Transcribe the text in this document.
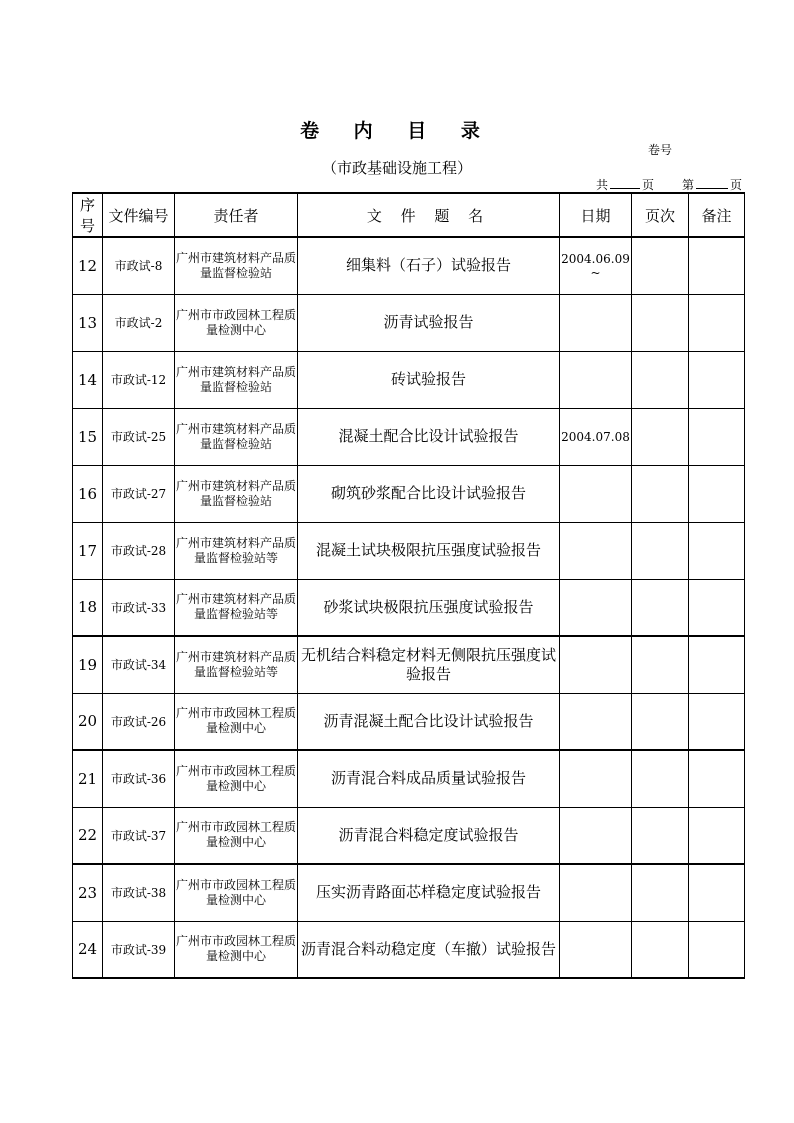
卷 内 目 录
卷号
（市政基础设施工程）
共	页 第	页
序号	文件编号	责任者	文 件 题 名	日期	页次	备注
12	市政试-8	广州市建筑材料产品质量监督检验站	细集料（石子）试验报告	2004.06.09
~		

13	市政试-2	广州市市政园林工程质量检测中心	沥青试验报告			
14	市政试-12	广州市建筑材料产品质量监督检验站	砖试验报告			
15	市政试-25	广州市建筑材料产品质量监督检验站	混凝土配合比设计试验报告	2004.07.08		
16	市政试-27	广州市建筑材料产品质量监督检验站	砌筑砂浆配合比设计试验报告			
17	市政试-28	广州市建筑材料产品质量监督检验站等	混凝土试块极限抗压强度试验报告			
18	市政试-33	广州市建筑材料产品质量监督检验站等	砂浆试块极限抗压强度试验报告			
19	市政试-34	广州市建筑材料产品质量监督检验站等	无机结合料稳定材料无侧限抗压强度试验报告			
20	市政试-26	广州市市政园林工程质量检测中心	沥青混凝土配合比设计试验报告			
21	市政试-36	广州市市政园林工程质量检测中心	沥青混合料成品质量试验报告			
22	市政试-37	广州市市政园林工程质量检测中心	沥青混合料稳定度试验报告			
23	市政试-38	广州市市政园林工程质量检测中心	压实沥青路面芯样稳定度试验报告			
24	市政试-39	广州市市政园林工程质量检测中心	沥青混合料动稳定度（车撤）试验报告			
